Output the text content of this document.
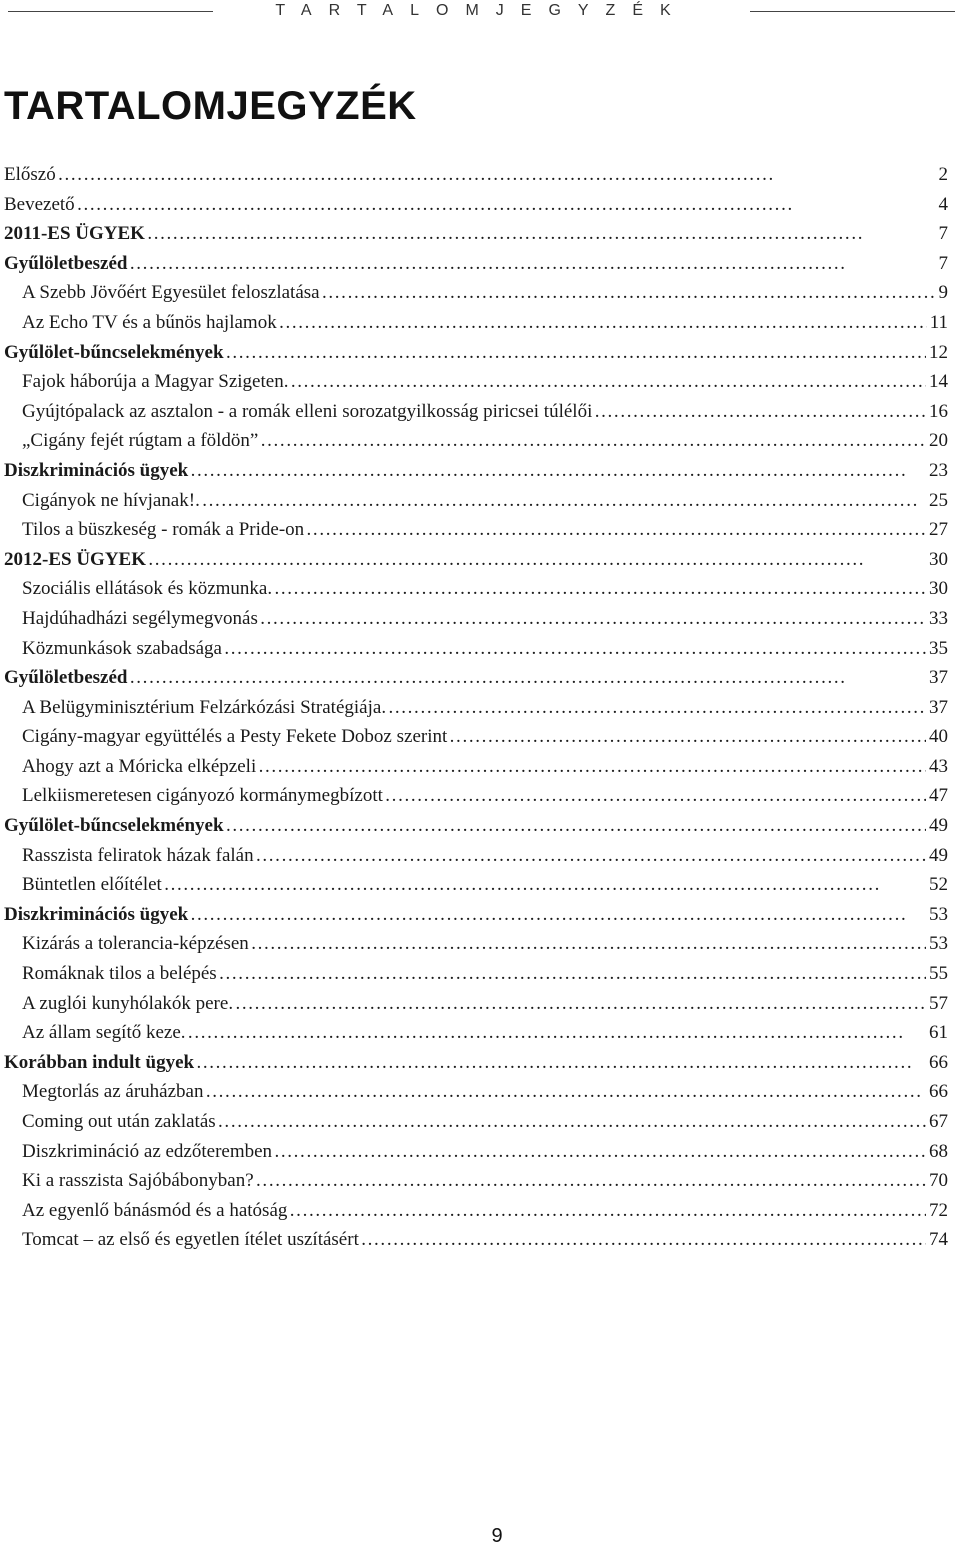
TARTALOMJEGYZÉK
TARTALOMJEGYZÉK
Előszó . . .	2
Bevezető . . .	4
2011-ES ÜGYEK . . .	7
Gyűlöletbeszéd . . .	7
A Szebb Jövőért Egyesület feloszlatása . . .	9
Az Echo TV és a bűnös hajlamok . . .	11
Gyűlölet-bűncselekmények . . .	12
Fajok háborúja a Magyar Szigeten. . . .	14
Gyújtópalack az asztalon - a romák elleni sorozatgyilkosság piricsei túlélői . . .	16
„Cigány fejét rúgtam a földön” . . .	20
Diszkriminációs ügyek . . .	23
Cigányok ne hívjanak!. . . .	25
Tilos a büszkeség - romák a Pride-on . . .	27
2012-ES ÜGYEK . . .	30
Szociális ellátások és közmunka. . . .	30
Hajdúhadházi segélymegvonás . . .	33
Közmunkások szabadsága . . .	35
Gyűlöletbeszéd . . .	37
A Belügyminisztérium Felzárkózási Stratégiája. . . .	37
Cigány-magyar együttélés a Pesty Fekete Doboz szerint . . .	40
Ahogy azt a Móricka elképzeli . . .	43
Lelkiismeretesen cigányozó kormánymegbízott . . .	47
Gyűlölet-bűncselekmények . . .	49
Rasszista feliratok házak falán . . .	49
Büntetlen előítélet . . .	52
Diszkriminációs ügyek . . .	53
Kizárás a tolerancia-képzésen . . .	53
Romáknak tilos a belépés . . .	55
A zuglói kunyhólakók pere. . . .	57
Az állam segítő keze. . . .	61
Korábban indult ügyek . . .	66
Megtorlás az áruházban . . .	66
Coming out után zaklatás . . .	67
Diszkrimináció az edzőteremben . . .	68
Ki a rasszista Sajóbábonyban? . . .	70
Az egyenlő bánásmód és a hatóság . . .	72
Tomcat – az első és egyetlen ítélet uszításért . . .	74
9
